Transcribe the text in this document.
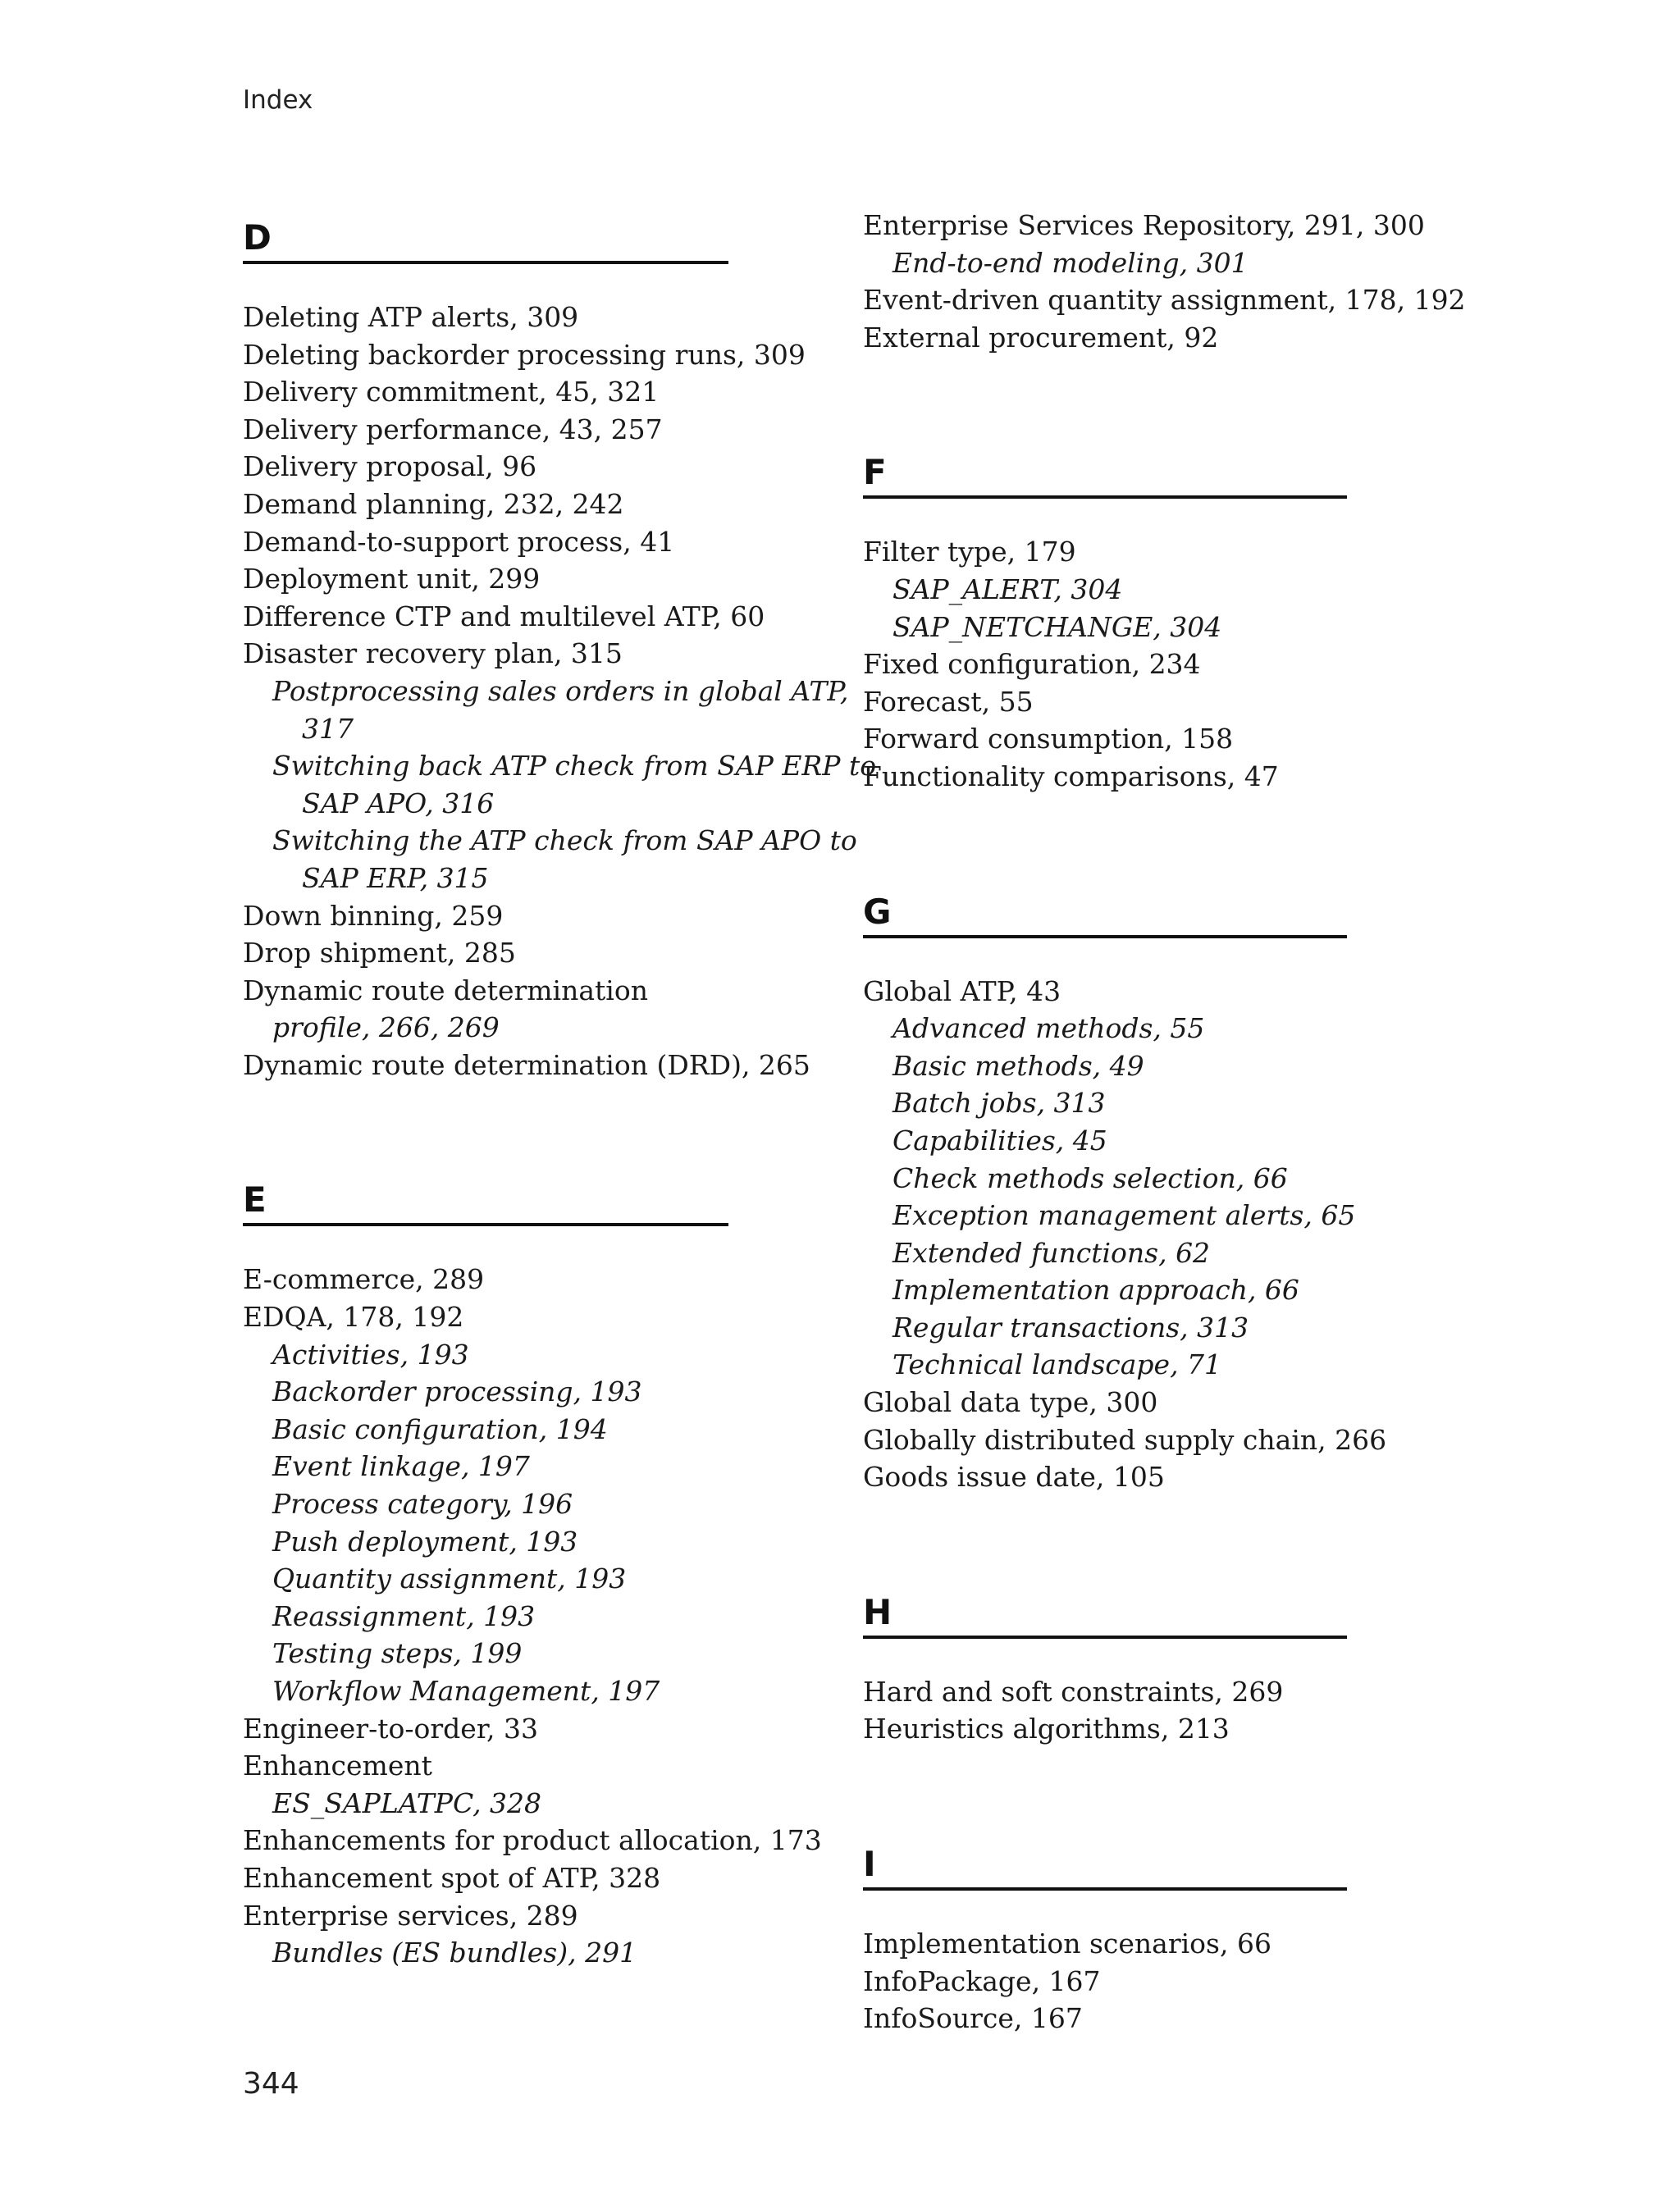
Index
D
Deleting ATP alerts, 309
Deleting backorder processing runs, 309
Delivery commitment, 45, 321
Delivery performance, 43, 257
Delivery proposal, 96
Demand planning, 232, 242
Demand-to-support process, 41
Deployment unit, 299
Difference CTP and multilevel ATP, 60
Disaster recovery plan, 315
Postprocessing sales orders in global ATP,
317
Switching back ATP check from SAP ERP to
SAP APO, 316
Switching the ATP check from SAP APO to
SAP ERP, 315
Down binning, 259
Drop shipment, 285
Dynamic route determination
profile, 266, 269
Dynamic route determination (DRD), 265
E
E-commerce, 289
EDQA, 178, 192
Activities, 193
Backorder processing, 193
Basic configuration, 194
Event linkage, 197
Process category, 196
Push deployment, 193
Quantity assignment, 193
Reassignment, 193
Testing steps, 199
Workflow Management, 197
Engineer-to-order, 33
Enhancement
ES_SAPLATPC, 328
Enhancements for product allocation, 173
Enhancement spot of ATP, 328
Enterprise services, 289
Bundles (ES bundles), 291
Enterprise Services Repository, 291, 300
End-to-end modeling, 301
Event-driven quantity assignment, 178, 192
External procurement, 92
F
Filter type, 179
SAP_ALERT, 304
SAP_NETCHANGE, 304
Fixed configuration, 234
Forecast, 55
Forward consumption, 158
Functionality comparisons, 47
G
Global ATP, 43
Advanced methods, 55
Basic methods, 49
Batch jobs, 313
Capabilities, 45
Check methods selection, 66
Exception management alerts, 65
Extended functions, 62
Implementation approach, 66
Regular transactions, 313
Technical landscape, 71
Global data type, 300
Globally distributed supply chain, 266
Goods issue date, 105
H
Hard and soft constraints, 269
Heuristics algorithms, 213
I
Implementation scenarios, 66
InfoPackage, 167
InfoSource, 167
344
